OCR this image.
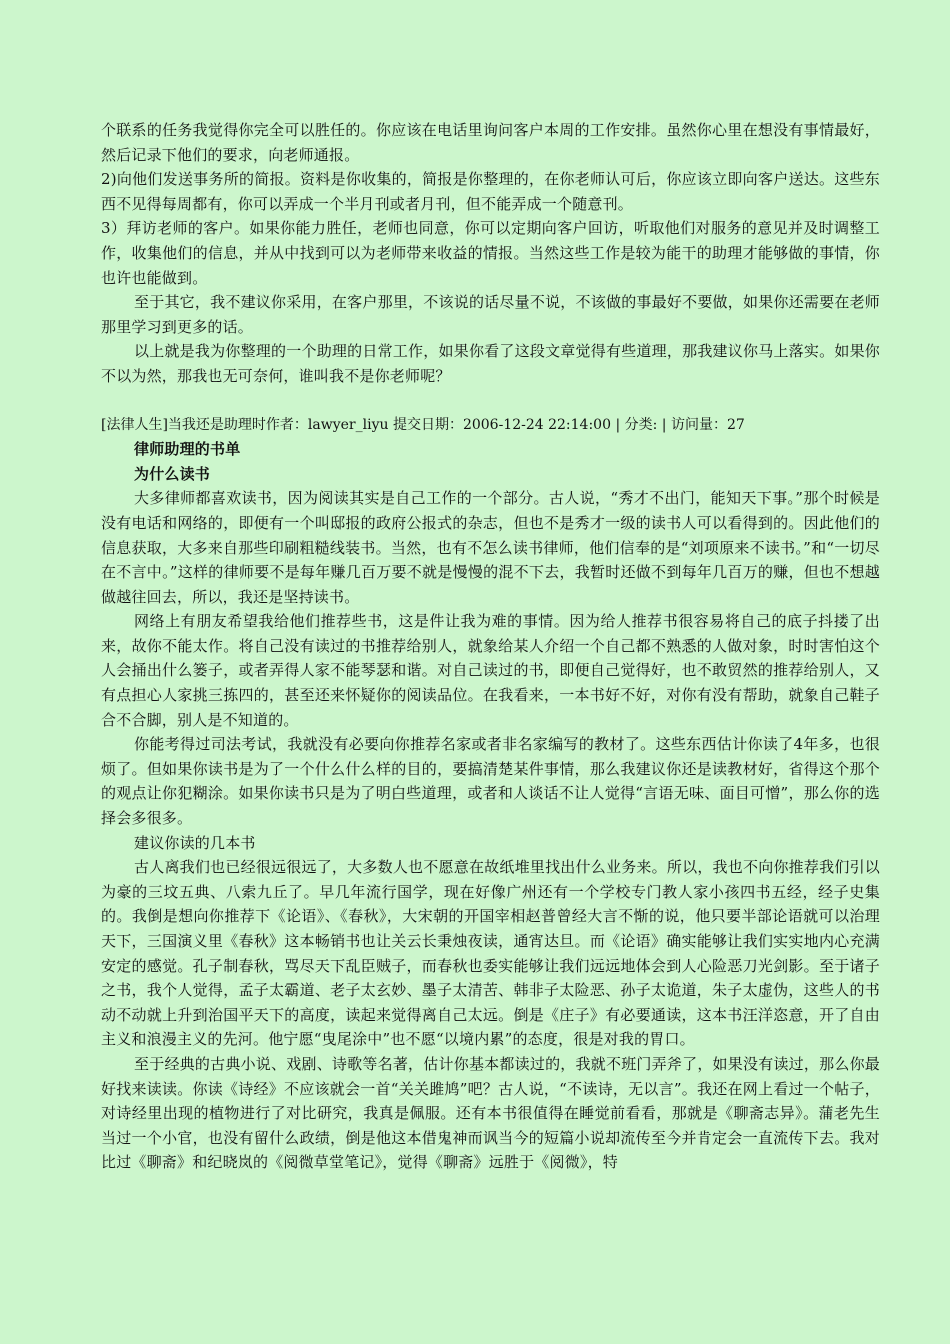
个联系的任务我觉得你完全可以胜任的。你应该在电话里询问客户本周的工作安排。虽然你心里在想没有事情最好，然后记录下他们的要求，向老师通报。

2)向他们发送事务所的简报。资料是你收集的，简报是你整理的，在你老师认可后，你应该立即向客户送达。这些东西不见得每周都有，你可以弄成一个半月刊或者月刊，但不能弄成一个随意刊。

3）拜访老师的客户。如果你能力胜任，老师也同意，你可以定期向客户回访，听取他们对服务的意见并及时调整工作，收集他们的信息，并从中找到可以为老师带来收益的情报。当然这些工作是较为能干的助理才能够做的事情，你也许也能做到。

至于其它，我不建议你采用，在客户那里，不该说的话尽量不说，不该做的事最好不要做，如果你还需要在老师那里学习到更多的话。

以上就是我为你整理的一个助理的日常工作，如果你看了这段文章觉得有些道理，那我建议你马上落实。如果你不以为然，那我也无可奈何，谁叫我不是你老师呢？

[法律人生]当我还是助理时作者：lawyer_liyu 提交日期：2006-12-24 22:14:00 | 分类: | 访问量：27

律师助理的书单

为什么读书

大多律师都喜欢读书，因为阅读其实是自己工作的一个部分。古人说，“秀才不出门，能知天下事。”那个时候是没有电话和网络的，即便有一个叫邸报的政府公报式的杂志，但也不是秀才一级的读书人可以看得到的。因此他们的信息获取，大多来自那些印刷粗糙线装书。当然，也有不怎么读书律师，他们信奉的是“刘项原来不读书。”和“一切尽在不言中。”这样的律师要不是每年赚几百万要不就是慢慢的混不下去，我暂时还做不到每年几百万的赚，但也不想越做越往回去，所以，我还是坚持读书。

网络上有朋友希望我给他们推荐些书，这是件让我为难的事情。因为给人推荐书很容易将自己的底子抖搂了出来，故你不能太作。将自己没有读过的书推荐给别人，就象给某人介绍一个自己都不熟悉的人做对象，时时害怕这个人会捅出什么篓子，或者弄得人家不能琴瑟和谐。对自己读过的书，即便自己觉得好，也不敢贸然的推荐给别人，又有点担心人家挑三拣四的，甚至还来怀疑你的阅读品位。在我看来，一本书好不好，对你有没有帮助，就象自己鞋子合不合脚，别人是不知道的。

你能考得过司法考试，我就没有必要向你推荐名家或者非名家编写的教材了。这些东西估计你读了4年多，也很烦了。但如果你读书是为了一个什么什么样的目的，要搞清楚某件事情，那么我建议你还是读教材好，省得这个那个的观点让你犯糊涂。如果你读书只是为了明白些道理，或者和人谈话不让人觉得“言语无味、面目可憎”，那么你的选择会多很多。

建议你读的几本书

古人离我们也已经很远很远了，大多数人也不愿意在故纸堆里找出什么业务来。所以，我也不向你推荐我们引以为豪的三坟五典、八索九丘了。早几年流行国学，现在好像广州还有一个学校专门教人家小孩四书五经，经子史集的。我倒是想向你推荐下《论语》、《春秋》，大宋朝的开国宰相赵普曾经大言不惭的说，他只要半部论语就可以治理天下，三国演义里《春秋》这本畅销书也让关云长秉烛夜读，通宵达旦。而《论语》确实能够让我们实实地内心充满安定的感觉。孔子制春秋，骂尽天下乱臣贼子，而春秋也委实能够让我们远远地体会到人心险恶刀光剑影。至于诸子之书，我个人觉得，孟子太霸道、老子太玄妙、墨子太清苦、韩非子太险恶、孙子太诡道，朱子太虚伪，这些人的书动不动就上升到治国平天下的高度，读起来觉得离自己太远。倒是《庄子》有必要通读，这本书汪洋恣意，开了自由主义和浪漫主义的先河。他宁愿“曳尾涂中”也不愿“以境内累”的态度，很是对我的胃口。

至于经典的古典小说、戏剧、诗歌等名著，估计你基本都读过的，我就不班门弄斧了，如果没有读过，那么你最好找来读读。你读《诗经》不应该就会一首“关关雎鸠”吧？古人说，“不读诗，无以言”。我还在网上看过一个帖子，对诗经里出现的植物进行了对比研究，我真是佩服。还有本书很值得在睡觉前看看，那就是《聊斋志异》。蒲老先生当过一个小官，也没有留什么政绩，倒是他这本借鬼神而讽当今的短篇小说却流传至今并肯定会一直流传下去。我对比过《聊斋》和纪晓岚的《阅微草堂笔记》，觉得《聊斋》远胜于《阅微》，特
